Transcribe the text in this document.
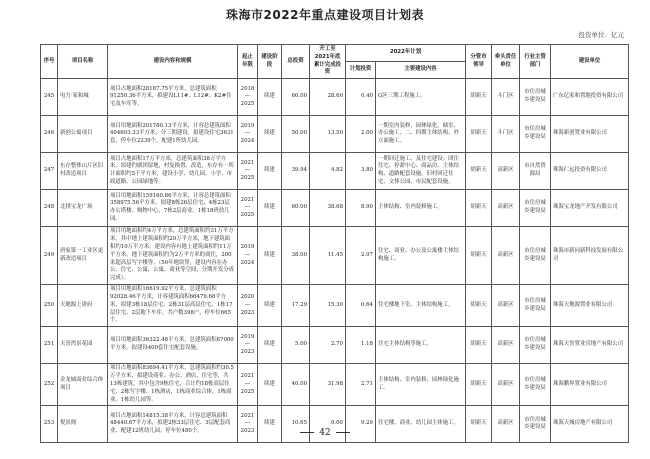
珠海市2022年重点建设项目计划表
投资单位：亿元
序号	项目名称	建设内容和规模	起止年限	建设阶段	总投资	开工至2021年底累计完成投资	2022年计划		分管市领导	牵头责任单位	行业主管部门	建设单位
							计划投资	主要建设内容				
245	电力·家和城	项目占地面积28187.75平方米，总建筑面积91250.36平方米，拟建设L11#、L12#、K2#住宅及车库等。	2018—2025	续建	60.00	28.60	0.40	G区三期工程施工。	胡新天	斗门区	市住房城乡建设局	广东亿家和置地投资有限公司
246	新创公寓项目	项目用地面积201780.13平方米，计容总建筑面积404603.33平方米，分三期建设。拟建设住宅3631套，停车位2239个，配建1所幼儿园。	2019—2024	续建	50.00	13.50	2.00	一期室内装修，园林绿化，储室、办公施工；二、四期主体结构、外立面施工。	胡新天	斗门区	市住房城乡建设局	珠海新创置业有限公司
247	东存整体山片区旧村改造项目	项目占地面积17万平方米，总建筑面积38万平方米。拟建约剧团留地，村复换置、改造，东存有一所计面积约5千平方米，建设小学、幼儿园、小学、市政道路、公园绿地等。	2021—2025	续建	39.94	4.82	3.80	一期回迁施工、及住宅建设；团住住宅、停薪中心、商品房、主体结构、道路配套设施，旧村回迁住宅、文体公园、市民配套设施。	胡新天	高新区	市自然资源局	珠海仁远投资有限公司
248	北排宝龙广场	项目用地面积159160.86平方米，计容总建筑面积358975.56平方米。拟建8栋26层住宅、4栋23层办公塔楼、购物中心，7栋2层商业、1栋18班幼儿园。	2021—2025	续建	60.00	38.68	8.90	主体结构、室内装修施工。	胡新天	高新区	市住房城乡建设局	珠海宝龙地产开发有限公司
249	唐家第一工业区更新改造项目	项目用地面积约4万平方米，总建筑面积约31万平方米，其中地上建筑面积约20万平方米，地下建筑面积约10万平方米。建设内容有地上建筑面积约11万平方米，地下建筑面积约为2万平方米的商住，200米超高层写字楼等。（50年地块签，建设内容在办公、住宅、公寓、公寓、商业等空间，分期开发分成完成）。	2019—2024	续建	38.00	11.45	2.97	住宅、商业、办公及公寓楼主体结构施工。	胡新天	高新区	市住房城乡建设局	珠海市新同新科技发展有限公司
250	天地源上唐府	项目用地面积16619.92平方米，总建筑面积92028.46平方米，计容建筑面积66479.68平方米，拟建3栋18层住宅、2栋31层高层住宅、1栋17层住宅、2层地下车库，共户数398户，停车位665个。	2020—2023	续建	17.29	15.30	0.64	住宅楼地下室、主体结构施工。	胡新天	高新区	市住房城乡建设局	珠海天地源置业有限公司
251	天誉湾景花园	项目用地面积36322.48平方米，总建筑面积67000平方米，拟建设400套住宅配套设施。	2019—2023	续建	5.00	2.70	1.18	住宅主体结构等施工。	胡新天	高新区	市住房城乡建设局	珠海天誉置业房地产有限公司
252	金龙城商业综合体项目	项目占地面积83694.41平方米，总建筑面积约30.5万平方米，拟建设商业、办公、酒店、住宅等，共13栋建筑，其中包含9栋住宅，合计约18栋高层住宅，2栋写字楼、1栋酒店，1栋商业综合体，1栋商业、1栋幼儿园等。	2021—2025	续建	40.00	31.98	2.71	主体结构、室内装修、园林绿化施工。	胡新天	高新区	市住房城乡建设局	珠海鹏界置业有限公司
253	悦景阁	项目占地面积14815.38平方米，计容总建筑面积48440.67平方米，拟建2栋33层住宅、3层配套商业、配建12班幼儿园，停车位480个。	2021—2023	续建	10.65	0.00	9.29	住宅楼、商业、幼儿园主体施工。	胡新天	高新区	市住房城乡建设局	珠海天城房地产有限公司
42
